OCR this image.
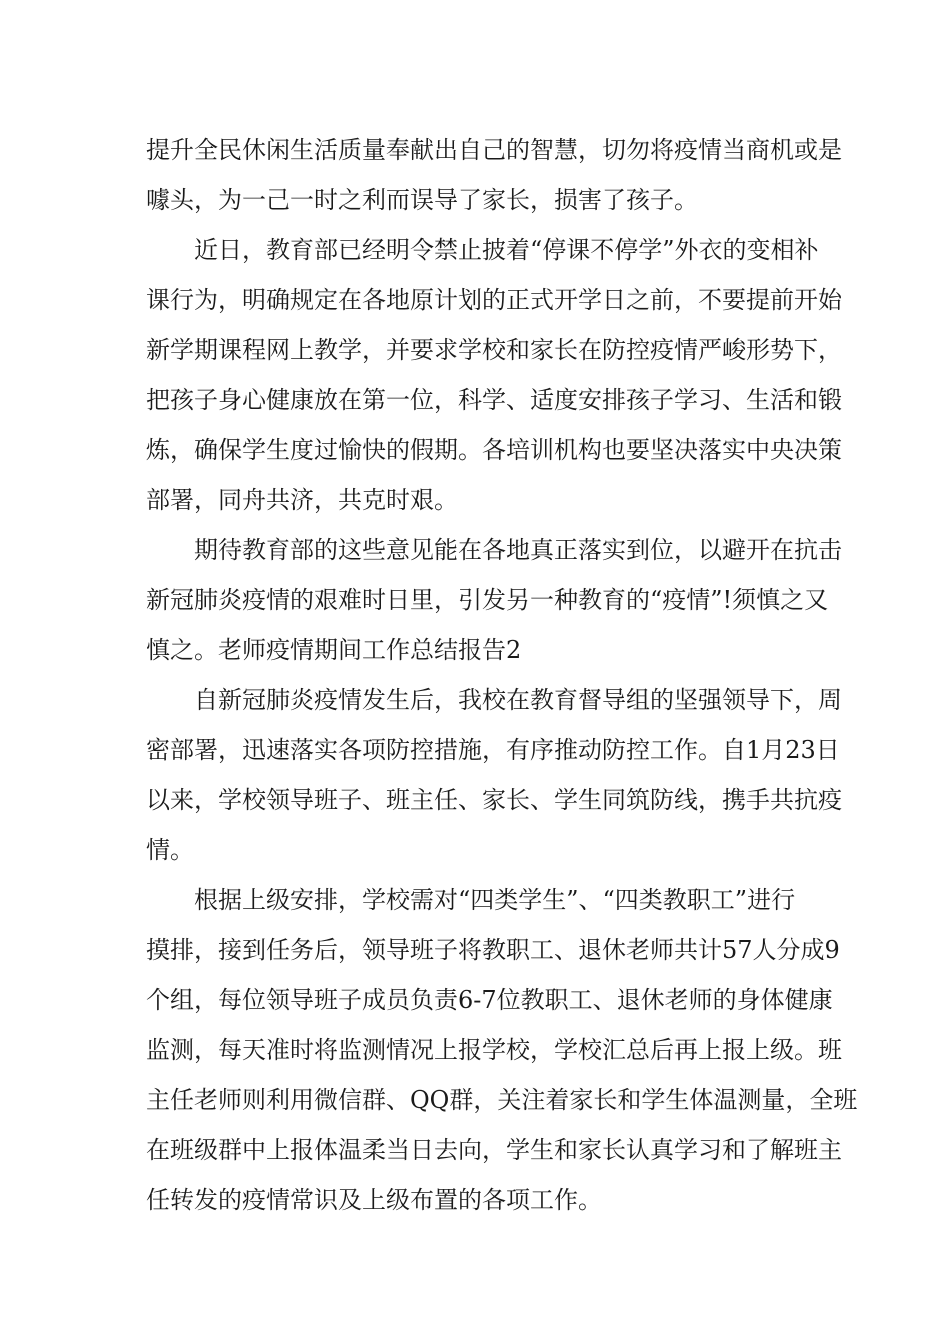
提升全民休闲生活质量奉献出自己的智慧，切勿将疫情当商机或是

噱头，为一己一时之利而误导了家长，损害了孩子。

近日，教育部已经明令禁止披着“停课不停学”外衣的变相补

课行为，明确规定在各地原计划的正式开学日之前，不要提前开始

新学期课程网上教学，并要求学校和家长在防控疫情严峻形势下，

把孩子身心健康放在第一位，科学、适度安排孩子学习、生活和锻

炼，确保学生度过愉快的假期。各培训机构也要坚决落实中央决策

部署，同舟共济，共克时艰。

期待教育部的这些意见能在各地真正落实到位，以避开在抗击

新冠肺炎疫情的艰难时日里，引发另一种教育的“疫情”!须慎之又

慎之。老师疫情期间工作总结报告2

自新冠肺炎疫情发生后，我校在教育督导组的坚强领导下，周

密部署，迅速落实各项防控措施，有序推动防控工作。自1月23日

以来，学校领导班子、班主任、家长、学生同筑防线，携手共抗疫

情。

根据上级安排，学校需对“四类学生”、“四类教职工”进行

摸排，接到任务后，领导班子将教职工、退休老师共计57人分成9

个组，每位领导班子成员负责6-7位教职工、退休老师的身体健康

监测，每天准时将监测情况上报学校，学校汇总后再上报上级。班

主任老师则利用微信群、QQ群，关注着家长和学生体温测量，全班

在班级群中上报体温柔当日去向，学生和家长认真学习和了解班主

任转发的疫情常识及上级布置的各项工作。
